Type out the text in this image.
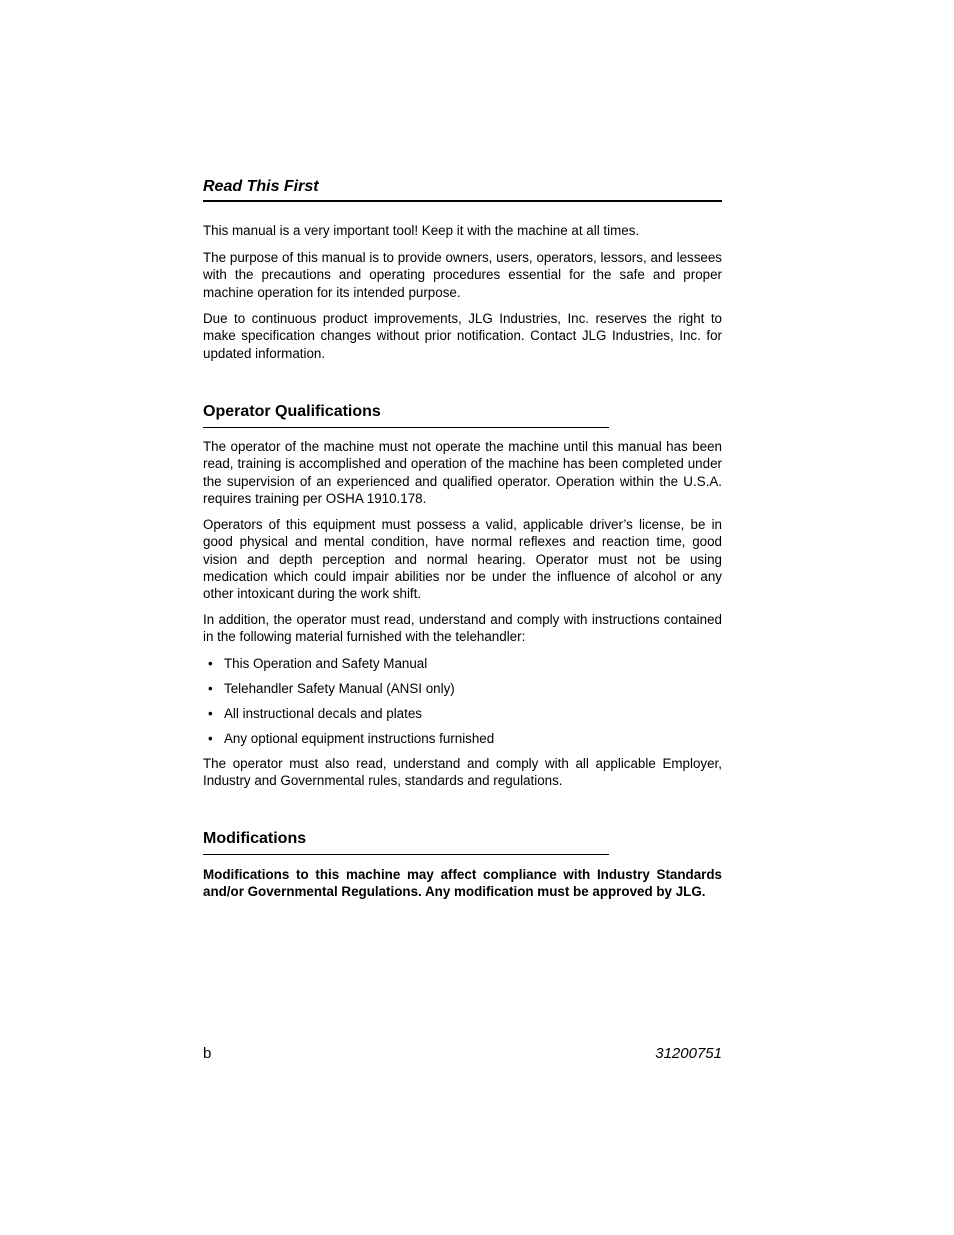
Read This First

This manual is a very important tool! Keep it with the machine at all times.

The purpose of this manual is to provide owners, users, operators, lessors, and lessees with the precautions and operating procedures essential for the safe and proper machine operation for its intended purpose.

Due to continuous product improvements, JLG Industries, Inc. reserves the right to make specification changes without prior notification. Contact JLG Industries, Inc. for updated information.

Operator Qualifications

The operator of the machine must not operate the machine until this manual has been read, training is accomplished and operation of the machine has been completed under the supervision of an experienced and qualified operator. Operation within the U.S.A. requires training per OSHA 1910.178.

Operators of this equipment must possess a valid, applicable driver’s license, be in good physical and mental condition, have normal reflexes and reaction time, good vision and depth perception and normal hearing. Operator must not be using medication which could impair abilities nor be under the influence of alcohol or any other intoxicant during the work shift.

In addition, the operator must read, understand and comply with instructions contained in the following material furnished with the telehandler:

• This Operation and Safety Manual

• Telehandler Safety Manual (ANSI only)

• All instructional decals and plates

• Any optional equipment instructions furnished

The operator must also read, understand and comply with all applicable Employer, Industry and Governmental rules, standards and regulations.

Modifications

Modifications to this machine may affect compliance with Industry Standards and/or Governmental Regulations. Any modification must be approved by JLG.

b	31200751
